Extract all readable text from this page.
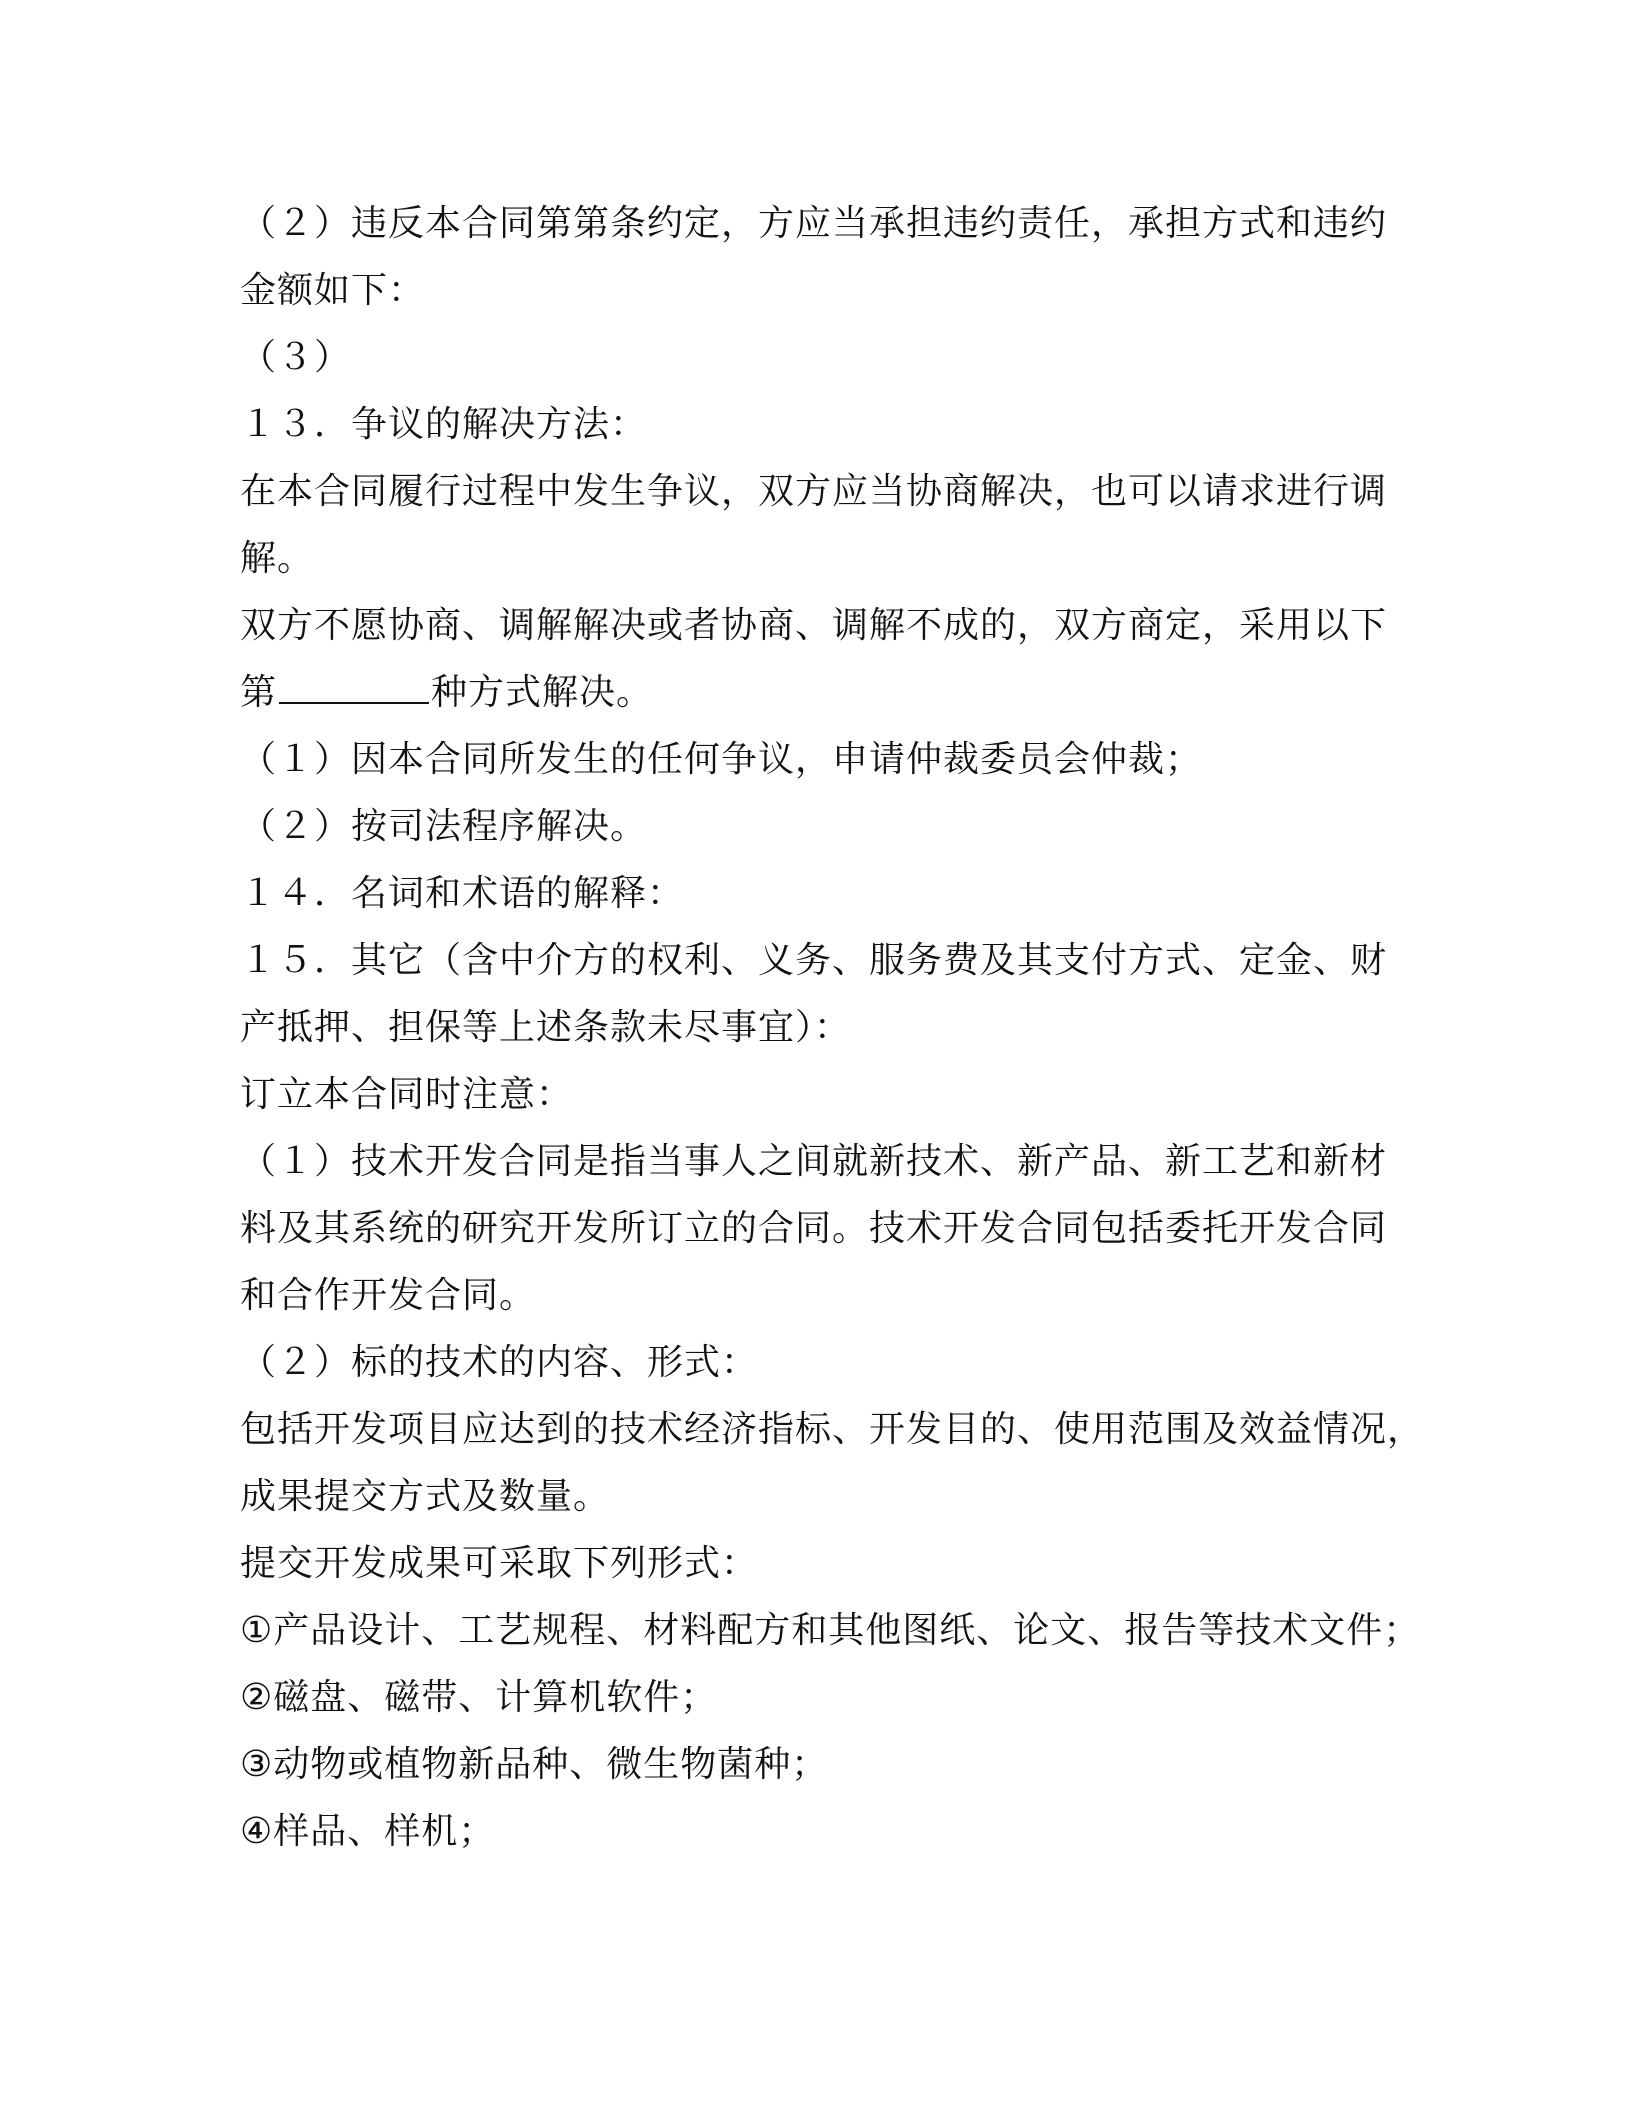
（２）违反本合同第第条约定，方应当承担违约责任，承担方式和违约
金额如下：
（３）
１３．争议的解决方法：
在本合同履行过程中发生争议，双方应当协商解决，也可以请求进行调
解。
双方不愿协商、调解解决或者协商、调解不成的，双方商定，采用以下
第	种方式解决。
（１）因本合同所发生的任何争议，申请仲裁委员会仲裁；
（２）按司法程序解决。
１４．名词和术语的解释：
１５．其它（含中介方的权利、义务、服务费及其支付方式、定金、财
产抵押、担保等上述条款未尽事宜）：
订立本合同时注意：
（１）技术开发合同是指当事人之间就新技术、新产品、新工艺和新材
料及其系统的研究开发所订立的合同。技术开发合同包括委托开发合同
和合作开发合同。
（２）标的技术的内容、形式：
包括开发项目应达到的技术经济指标、开发目的、使用范围及效益情况，
成果提交方式及数量。
提交开发成果可采取下列形式：
①产品设计、工艺规程、材料配方和其他图纸、论文、报告等技术文件；
②磁盘、磁带、计算机软件；
③动物或植物新品种、微生物菌种；
④样品、样机；
